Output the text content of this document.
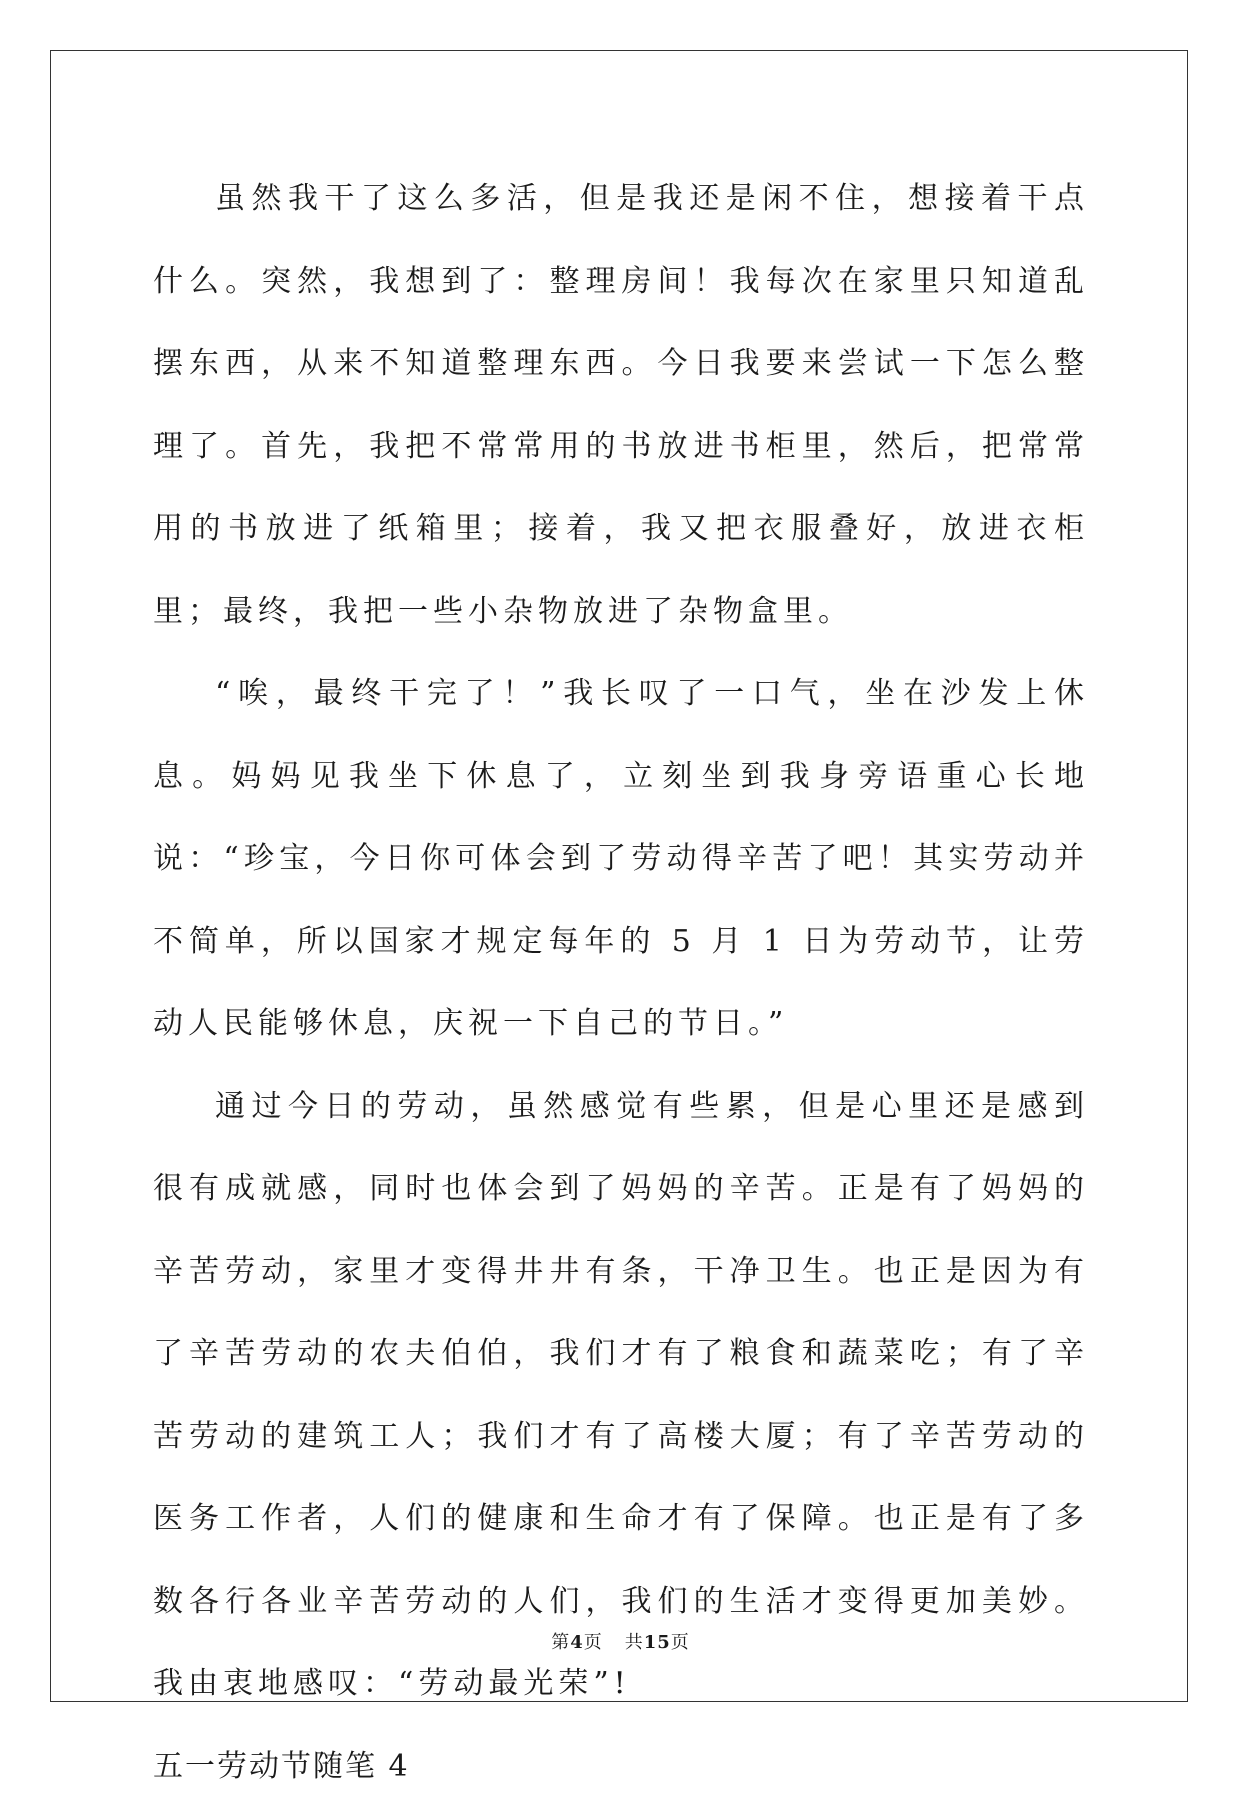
虽然我干了这么多活，但是我还是闲不住，想接着干点什么。突然，我想到了：整理房间！我每次在家里只知道乱摆东西，从来不知道整理东西。今日我要来尝试一下怎么整理了。首先，我把不常常用的书放进书柜里，然后，把常常用的书放进了纸箱里；接着，我又把衣服叠好，放进衣柜里；最终，我把一些小杂物放进了杂物盒里。

“唉，最终干完了！”我长叹了一口气，坐在沙发上休息。妈妈见我坐下休息了，立刻坐到我身旁语重心长地说：“珍宝，今日你可体会到了劳动得辛苦了吧！其实劳动并不简单，所以国家才规定每年的 5 月 1 日为劳动节，让劳动人民能够休息，庆祝一下自己的节日。”

通过今日的劳动，虽然感觉有些累，但是心里还是感到很有成就感，同时也体会到了妈妈的辛苦。正是有了妈妈的辛苦劳动，家里才变得井井有条，干净卫生。也正是因为有了辛苦劳动的农夫伯伯，我们才有了粮食和蔬菜吃；有了辛苦劳动的建筑工人；我们才有了高楼大厦；有了辛苦劳动的医务工作者，人们的健康和生命才有了保障。也正是有了多数各行各业辛苦劳动的人们，我们的生活才变得更加美妙。我由衷地感叹：“劳动最光荣”!

五一劳动节随笔 4

第4页 共15页
